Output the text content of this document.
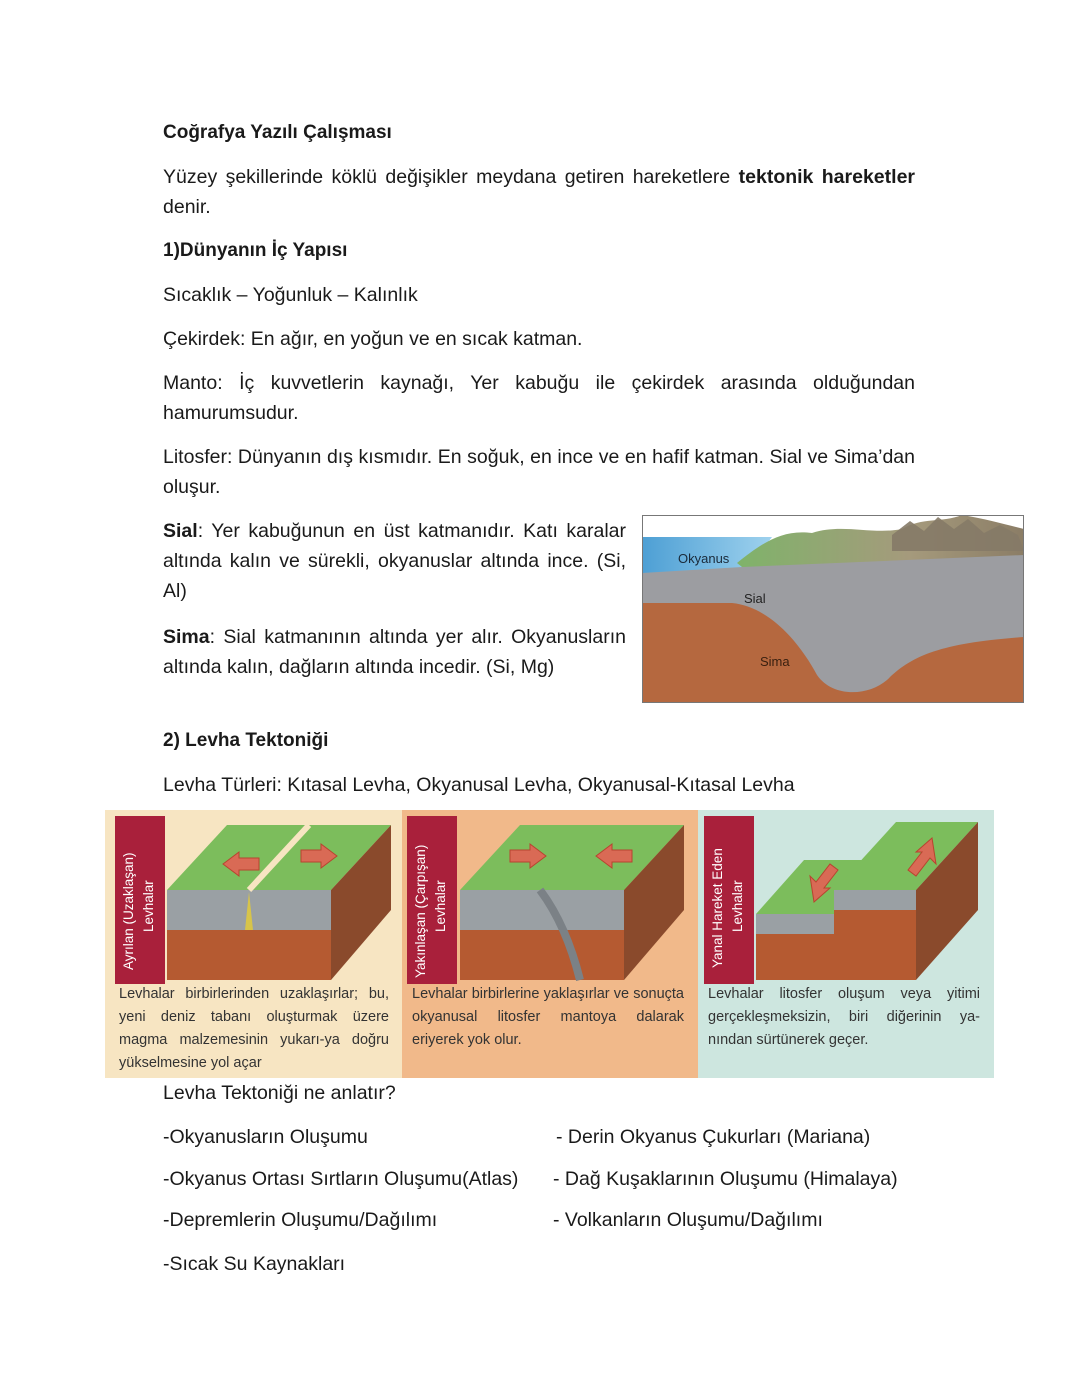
Coğrafya Yazılı Çalışması

Yüzey şekillerinde köklü değişikler meydana getiren hareketlere tektonik hareketler denir.

1)Dünyanın İç Yapısı

Sıcaklık – Yoğunluk – Kalınlık

Çekirdek: En ağır, en yoğun ve en sıcak katman.

Manto: İç kuvvetlerin kaynağı, Yer kabuğu ile çekirdek arasında olduğundan hamurumsudur.

Litosfer: Dünyanın dış kısmıdır. En soğuk, en ince ve en hafif katman. Sial ve Sima’dan oluşur.

Sial: Yer kabuğunun en üst katmanıdır. Katı karalar altında kalın ve sürekli, okyanuslar altında ince. (Si, Al)

Sima: Sial katmanının altında yer alır. Okyanusların altında kalın, dağların altında incedir. (Si, Mg)

Okyanus
Sial
Sima

2) Levha Tektoniği

Levha Türleri: Kıtasal Levha, Okyanusal Levha, Okyanusal-Kıtasal Levha

Ayrılan (Uzaklaşan) Levhalar

Levhalar birbirlerinden uzaklaşırlar; bu, yeni deniz tabanı oluşturmak üzere magma malzemesinin yukarı-ya doğru yükselmesine yol açar

Yakınlaşan (Çarpışan) Levhalar

Levhalar birbirlerine yaklaşırlar ve sonuçta okyanusal litosfer mantoya dalarak eriyerek yok olur.

Yanal Hareket Eden Levhalar

Levhalar litosfer oluşum veya yitimi gerçekleşmeksizin, biri diğerinin ya-nından sürtünerek geçer.

Levha Tektoniği ne anlatır?

-Okyanusların Oluşumu

-Okyanus Ortası Sırtların Oluşumu(Atlas)

-Depremlerin Oluşumu/Dağılımı

-Sıcak Su Kaynakları

- Derin Okyanus Çukurları (Mariana)

- Dağ Kuşaklarının Oluşumu (Himalaya)

- Volkanların Oluşumu/Dağılımı
